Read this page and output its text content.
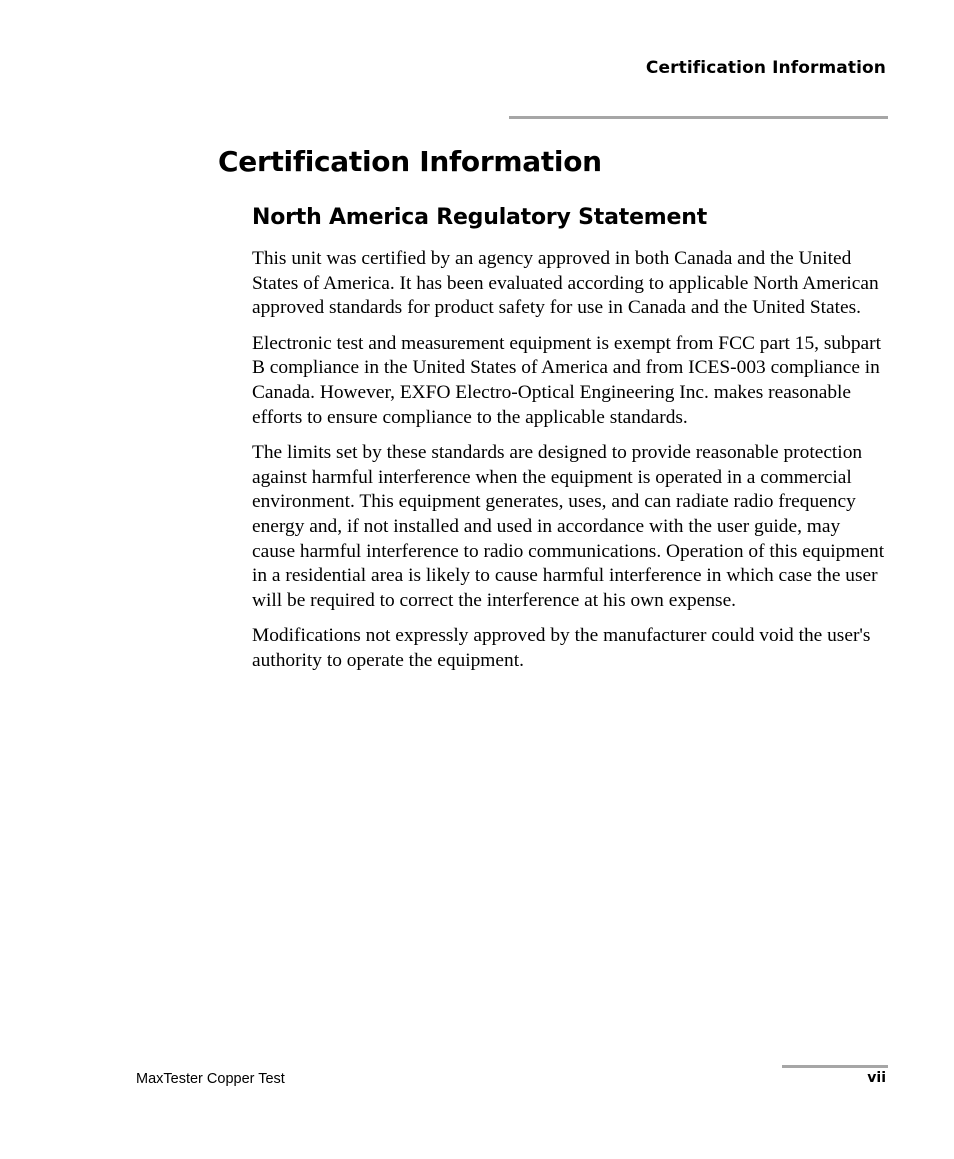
Certification Information
Certification Information
North America Regulatory Statement

This unit was certified by an agency approved in both Canada and the United States of America. It has been evaluated according to applicable North American approved standards for product safety for use in Canada and the United States.

Electronic test and measurement equipment is exempt from FCC part 15, subpart B compliance in the United States of America and from ICES-003 compliance in Canada. However, EXFO Electro-Optical Engineering Inc. makes reasonable efforts to ensure compliance to the applicable standards.

The limits set by these standards are designed to provide reasonable protection against harmful interference when the equipment is operated in a commercial environment. This equipment generates, uses, and can radiate radio frequency energy and, if not installed and used in accordance with the user guide, may cause harmful interference to radio communications. Operation of this equipment in a residential area is likely to cause harmful interference in which case the user will be required to correct the interference at his own expense.

Modifications not expressly approved by the manufacturer could void the user's authority to operate the equipment.

MaxTester Copper Test	vii
